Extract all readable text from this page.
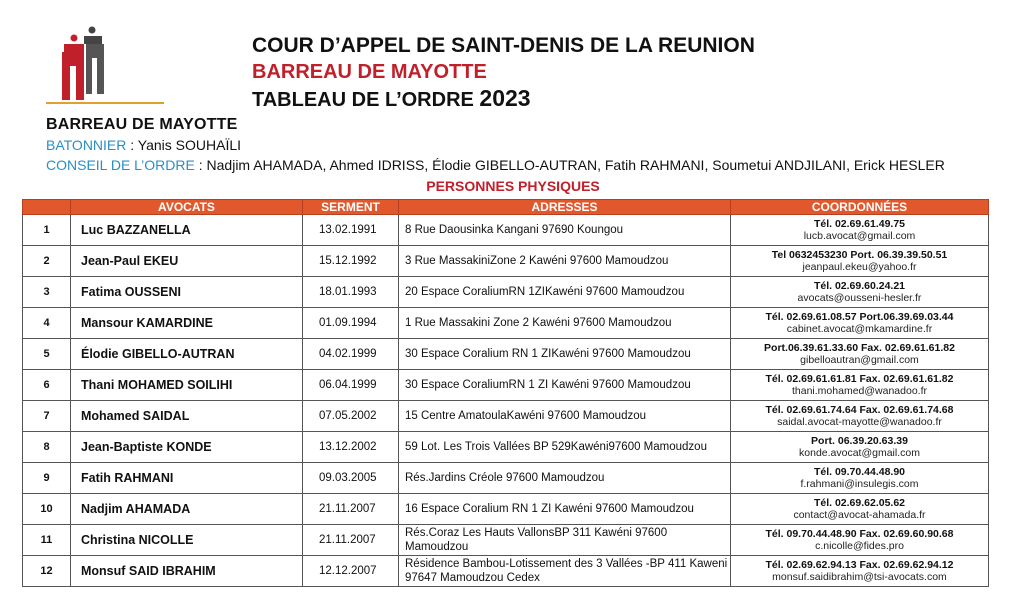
BARREAU DE MAYOTTE
COUR D’APPEL DE SAINT-DENIS DE LA REUNION
BARREAU DE MAYOTTE
TABLEAU DE L’ORDRE 2023
BATONNIER : Yanis SOUHAÏLI
CONSEIL DE L’ORDRE : Nadjim AHAMADA, Ahmed IDRISS, Élodie GIBELLO-AUTRAN, Fatih RAHMANI, Soumetui ANDJILANI, Erick HESLER
PERSONNES PHYSIQUES
	AVOCATS	SERMENT	ADRESSES	COORDONNÉES
1	Luc BAZZANELLA	13.02.1991	8 Rue Daousinka Kangani 97690 Koungou	Tél. 02.69.61.49.75
lucb.avocat@gmail.com

2	Jean-Paul EKEU	15.12.1992	3 Rue MassakiniZone 2 Kawéni 97600 Mamoudzou	Tel 0632453230 Port. 06.39.39.50.51
jeanpaul.ekeu@yahoo.fr

3	Fatima OUSSENI	18.01.1993	20 Espace CoraliumRN 1ZIKawéni 97600 Mamoudzou	Tél. 02.69.60.24.21
avocats@ousseni-hesler.fr

4	Mansour KAMARDINE	01.09.1994	1 Rue Massakini Zone 2 Kawéni 97600 Mamoudzou	Tél. 02.69.61.08.57 Port.06.39.69.03.44
cabinet.avocat@mkamardine.fr

5	Élodie GIBELLO-AUTRAN	04.02.1999	30 Espace Coralium RN 1 ZIKawéni 97600 Mamoudzou	Port.06.39.61.33.60 Fax. 02.69.61.61.82
gibelloautran@gmail.com

6	Thani MOHAMED SOILIHI	06.04.1999	30 Espace CoraliumRN 1 ZI Kawéni 97600 Mamoudzou	Tél. 02.69.61.61.81 Fax. 02.69.61.61.82
thani.mohamed@wanadoo.fr

7	Mohamed SAIDAL	07.05.2002	15 Centre AmatoulaKawéni 97600 Mamoudzou	Tél. 02.69.61.74.64 Fax. 02.69.61.74.68
saidal.avocat-mayotte@wanadoo.fr

8	Jean-Baptiste KONDE	13.12.2002	59 Lot. Les Trois Vallées BP 529Kawéni97600 Mamoudzou	Port. 06.39.20.63.39
konde.avocat@gmail.com

9	Fatih RAHMANI	09.03.2005	Rés.Jardins Créole 97600 Mamoudzou	Tél. 09.70.44.48.90
f.rahmani@insulegis.com

10	Nadjim AHAMADA	21.11.2007	16 Espace Coralium RN 1 ZI Kawéni 97600 Mamoudzou	Tél. 02.69.62.05.62
contact@avocat-ahamada.fr

11	Christina NICOLLE	21.11.2007	Rés.Coraz Les Hauts VallonsBP 311 Kawéni 97600 Mamoudzou	Tél. 09.70.44.48.90 Fax. 02.69.60.90.68
c.nicolle@fides.pro

12	Monsuf SAID IBRAHIM	12.12.2007	Résidence Bambou-Lotissement des 3 Vallées -BP 411 Kaweni 97647 Mamoudzou Cedex	Tél. 02.69.62.94.13 Fax. 02.69.62.94.12
monsuf.saidibrahim@tsi-avocats.com
